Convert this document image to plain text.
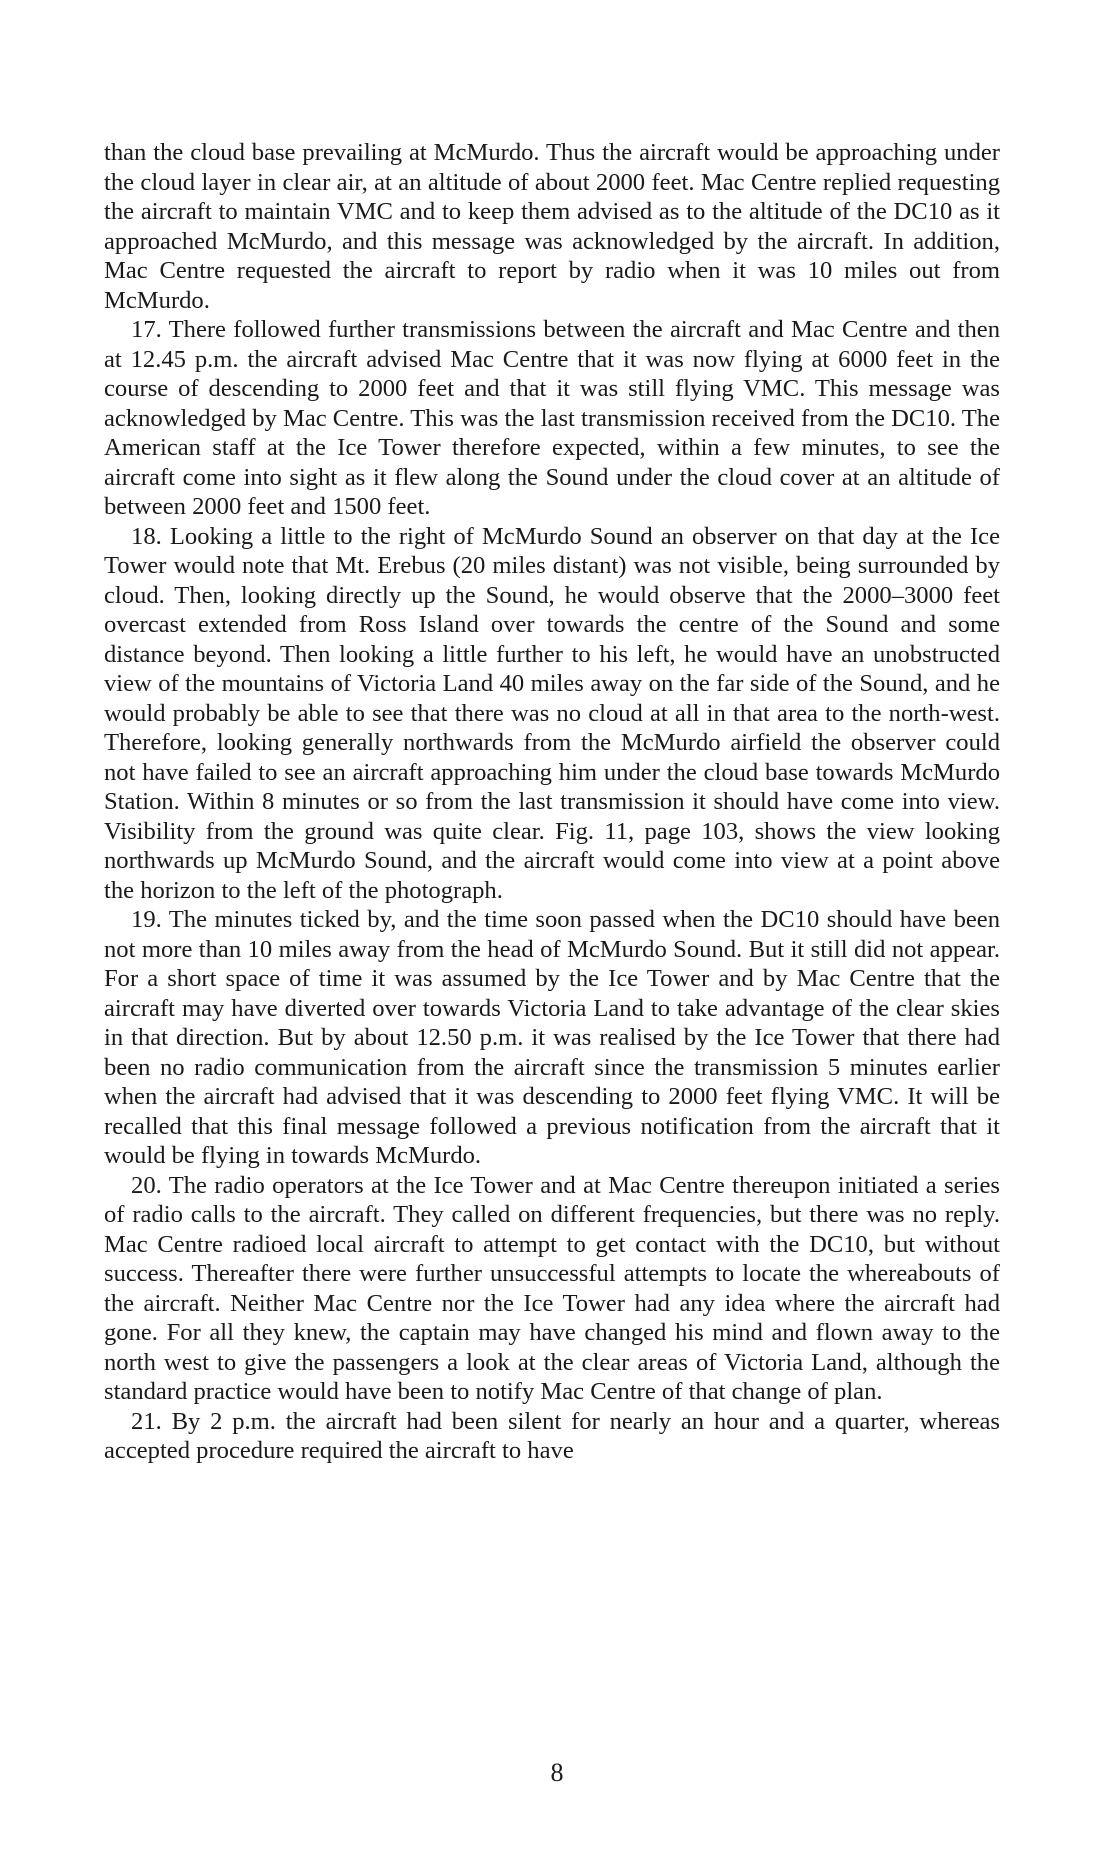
than the cloud base prevailing at McMurdo. Thus the aircraft would be approaching under the cloud layer in clear air, at an altitude of about 2000 feet. Mac Centre replied requesting the aircraft to maintain VMC and to keep them advised as to the altitude of the DC10 as it approached McMurdo, and this message was acknowledged by the aircraft. In addition, Mac Centre requested the aircraft to report by radio when it was 10 miles out from McMurdo.

17. There followed further transmissions between the aircraft and Mac Centre and then at 12.45 p.m. the aircraft advised Mac Centre that it was now flying at 6000 feet in the course of descending to 2000 feet and that it was still flying VMC. This message was acknowledged by Mac Centre. This was the last transmission received from the DC10. The American staff at the Ice Tower therefore expected, within a few minutes, to see the aircraft come into sight as it flew along the Sound under the cloud cover at an altitude of between 2000 feet and 1500 feet.

18. Looking a little to the right of McMurdo Sound an observer on that day at the Ice Tower would note that Mt. Erebus (20 miles distant) was not visible, being surrounded by cloud. Then, looking directly up the Sound, he would observe that the 2000–3000 feet overcast extended from Ross Island over towards the centre of the Sound and some distance beyond. Then looking a little further to his left, he would have an unobstructed view of the mountains of Victoria Land 40 miles away on the far side of the Sound, and he would probably be able to see that there was no cloud at all in that area to the north-west. Therefore, looking generally northwards from the McMurdo airfield the observer could not have failed to see an aircraft approaching him under the cloud base towards McMurdo Station. Within 8 minutes or so from the last transmission it should have come into view. Visibility from the ground was quite clear. Fig. 11, page 103, shows the view looking northwards up McMurdo Sound, and the aircraft would come into view at a point above the horizon to the left of the photograph.

19. The minutes ticked by, and the time soon passed when the DC10 should have been not more than 10 miles away from the head of McMurdo Sound. But it still did not appear. For a short space of time it was assumed by the Ice Tower and by Mac Centre that the aircraft may have diverted over towards Victoria Land to take advantage of the clear skies in that direction. But by about 12.50 p.m. it was realised by the Ice Tower that there had been no radio communication from the aircraft since the transmission 5 minutes earlier when the aircraft had advised that it was descending to 2000 feet flying VMC. It will be recalled that this final message followed a previous notification from the aircraft that it would be flying in towards McMurdo.

20. The radio operators at the Ice Tower and at Mac Centre thereupon initiated a series of radio calls to the aircraft. They called on different frequencies, but there was no reply. Mac Centre radioed local aircraft to attempt to get contact with the DC10, but without success. Thereafter there were further unsuccessful attempts to locate the whereabouts of the aircraft. Neither Mac Centre nor the Ice Tower had any idea where the aircraft had gone. For all they knew, the captain may have changed his mind and flown away to the north west to give the passengers a look at the clear areas of Victoria Land, although the standard practice would have been to notify Mac Centre of that change of plan.

21. By 2 p.m. the aircraft had been silent for nearly an hour and a quarter, whereas accepted procedure required the aircraft to have

8
